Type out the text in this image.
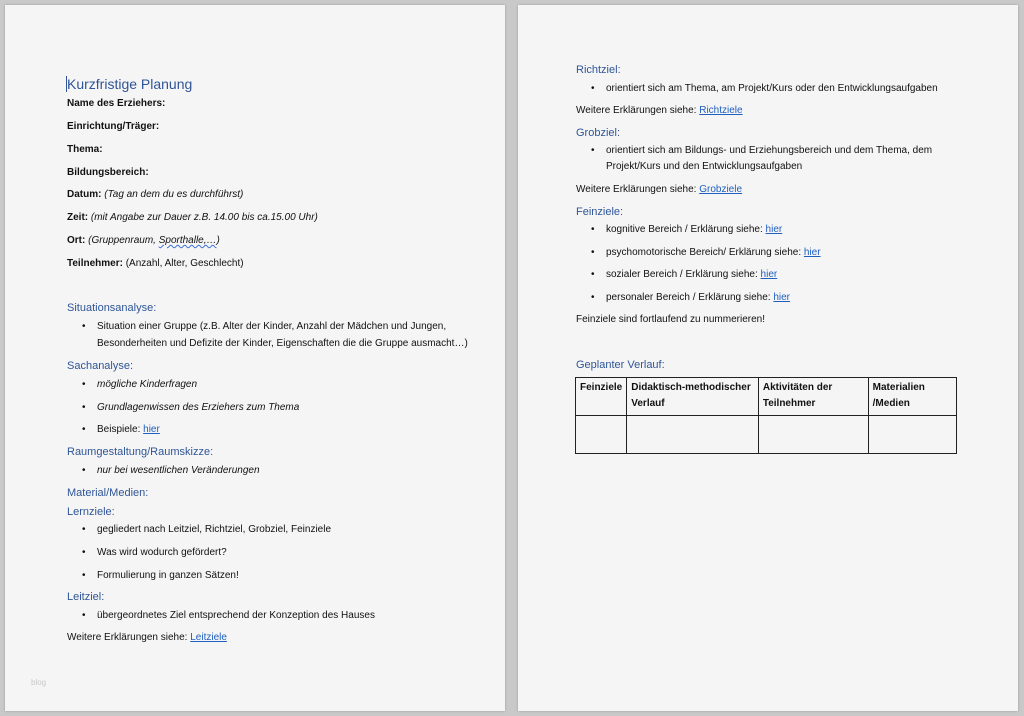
Kurzfristige Planung
Name des Erziehers:
Einrichtung/Träger:
Thema:
Bildungsbereich:
Datum: (Tag an dem du es durchführst)
Zeit: (mit Angabe zur Dauer z.B. 14.00 bis ca.15.00 Uhr)
Ort: (Gruppenraum, Sporthalle,…)
Teilnehmer: (Anzahl, Alter, Geschlecht)
Situationsanalyse:
• Situation einer Gruppe (z.B. Alter der Kinder, Anzahl der Mädchen und Jungen,
Besonderheiten und Defizite der Kinder, Eigenschaften die die Gruppe ausmacht…)
Sachanalyse:
• mögliche Kinderfragen
• Grundlagenwissen des Erziehers zum Thema
• Beispiele: hier
Raumgestaltung/Raumskizze:
• nur bei wesentlichen Veränderungen
Material/Medien:
Lernziele:
• gegliedert nach Leitziel, Richtziel, Grobziel, Feinziele
• Was wird wodurch gefördert?
• Formulierung in ganzen Sätzen!
Leitziel:
• übergeordnetes Ziel entsprechend der Konzeption des Hauses
Weitere Erklärungen siehe: Leitziele
blog
Richtziel:
• orientiert sich am Thema, am Projekt/Kurs oder den Entwicklungsaufgaben
Weitere Erklärungen siehe: Richtziele
Grobziel:
• orientiert sich am Bildungs- und Erziehungsbereich und dem Thema, dem
Projekt/Kurs und den Entwicklungsaufgaben
Weitere Erklärungen siehe: Grobziele
Feinziele:
• kognitive Bereich / Erklärung siehe: hier
• psychomotorische Bereich/ Erklärung siehe: hier
• sozialer Bereich / Erklärung siehe: hier
• personaler Bereich / Erklärung siehe: hier
Feinziele sind fortlaufend zu nummerieren!
Geplanter Verlauf:
Feinziele	Didaktisch-methodischer Verlauf	Aktivitäten der Teilnehmer	Materialien /Medien
